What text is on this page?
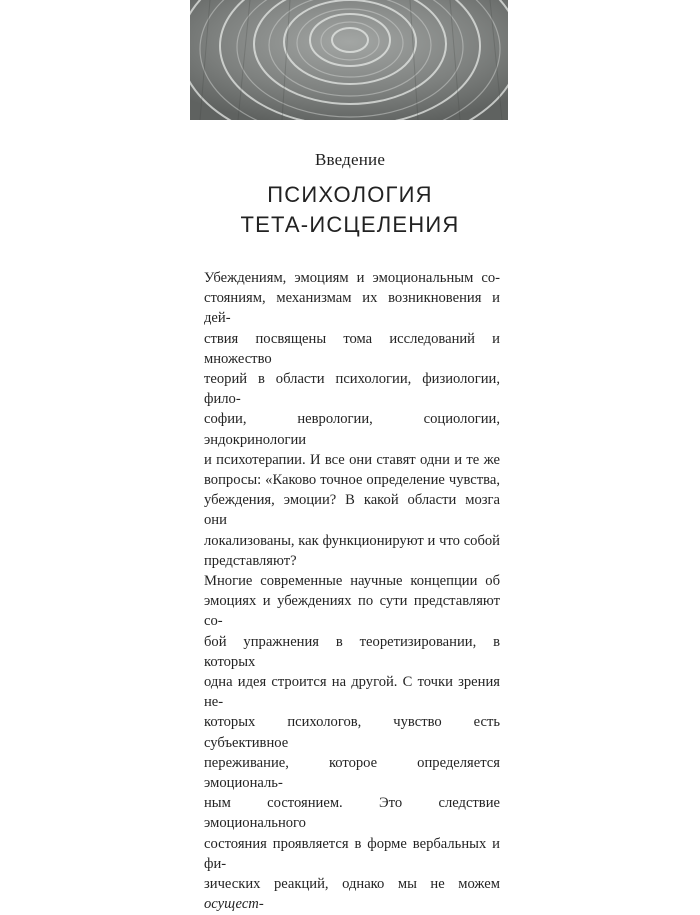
Введение
ПСИХОЛОГИЯ
ТЕТА-ИСЦЕЛЕНИЯ
Убеждениям, эмоциям и эмоциональным со-
стояниям, механизмам их возникновения и дей-
ствия посвящены тома исследований и множество
теорий в области психологии, физиологии, фило-
софии, неврологии, социологии, эндокринологии
и психотерапии. И все они ставят одни и те же
вопросы: «Каково точное определение чувства,
убеждения, эмоции? В какой области мозга они
локализованы, как функционируют и что собой
представляют?
Многие современные научные концепции об
эмоциях и убеждениях по сути представляют со-
бой упражнения в теоретизировании, в которых
одна идея строится на другой. С точки зрения не-
которых психологов, чувство есть субъективное
переживание, которое определяется эмоциональ-
ным состоянием. Это следствие эмоционального
состояния проявляется в форме вербальных и фи-
зических реакций, однако мы не можем осущест-
